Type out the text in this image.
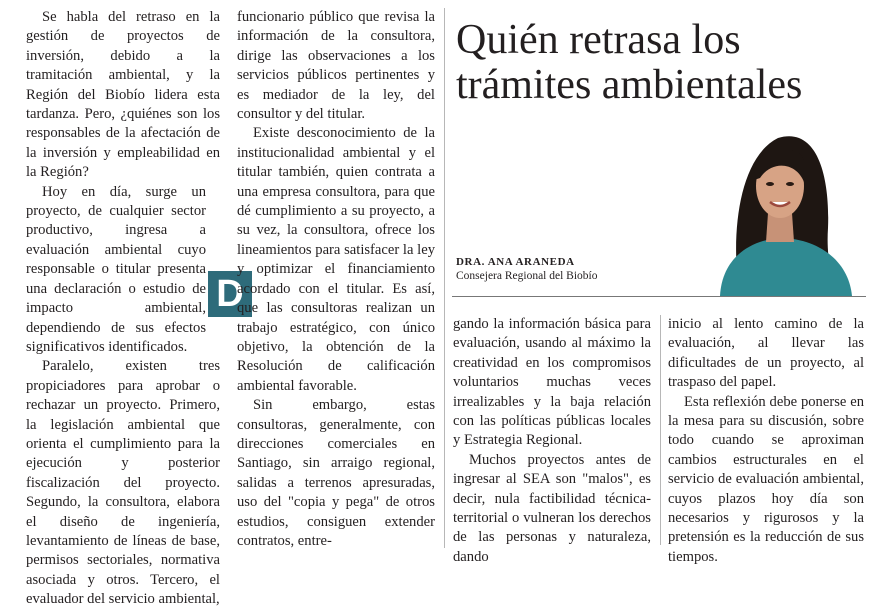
Se habla del retraso en la gestión de proyectos de inversión, debido a la tramitación ambiental, y la Región del Biobío lidera esta tardanza. Pero, ¿quiénes son los responsables de la afectación de la inversión y empleabilidad en la Región?

Hoy en día, surge un proyecto, de cualquier sector productivo, ingresa a evaluación ambiental cuyo responsable o titular presenta una declaración o estudio de impacto ambiental, dependiendo de sus efectos significativos identificados.

Paralelo, existen tres propiciadores para aprobar o rechazar un proyecto. Primero, la legislación ambiental que orienta el cumplimiento para la ejecución y posterior fiscalización del proyecto. Segundo, la consultora, elabora el diseño de ingeniería, levantamiento de líneas de base, permisos sectoriales, normativa asociada y otros. Tercero, el evaluador del servicio ambiental,

D

funcionario público que revisa la información de la consultora, dirige las observaciones a los servicios públicos pertinentes y es mediador de la ley, del consultor y del titular.

Existe desconocimiento de la institucionalidad ambiental y el titular también, quien contrata a una empresa consultora, para que dé cumplimiento a su proyecto, a su vez, la consultora, ofrece los lineamientos para satisfacer la ley y optimizar el financiamiento acordado con el titular. Es así, que las consultoras realizan un trabajo estratégico, con único objetivo, la obtención de la Resolución de calificación ambiental favorable.

Sin embargo, estas consultoras, generalmente, con direcciones comerciales en Santiago, sin arraigo regional, salidas a terrenos apresuradas, uso del "copia y pega" de otros estudios, consiguen extender contratos, entre-

Quién retrasa los
trámites ambientales
DRA. ANA ARANEDA
Consejera Regional del Biobío

gando la información básica para evaluación, usando al máximo la creatividad en los compromisos voluntarios muchas veces irrealizables y la baja relación con las políticas públicas locales y Estrategia Regional.

Muchos proyectos antes de ingresar al SEA son "malos", es decir, nula factibilidad técnica-territorial o vulneran los derechos de las personas y naturaleza, dando

inicio al lento camino de la evaluación, al llevar las dificultades de un proyecto, al traspaso del papel.

Esta reflexión debe ponerse en la mesa para su discusión, sobre todo cuando se aproximan cambios estructurales en el servicio de evaluación ambiental, cuyos plazos hoy día son necesarios y rigurosos y la pretensión es la reducción de sus tiempos.
